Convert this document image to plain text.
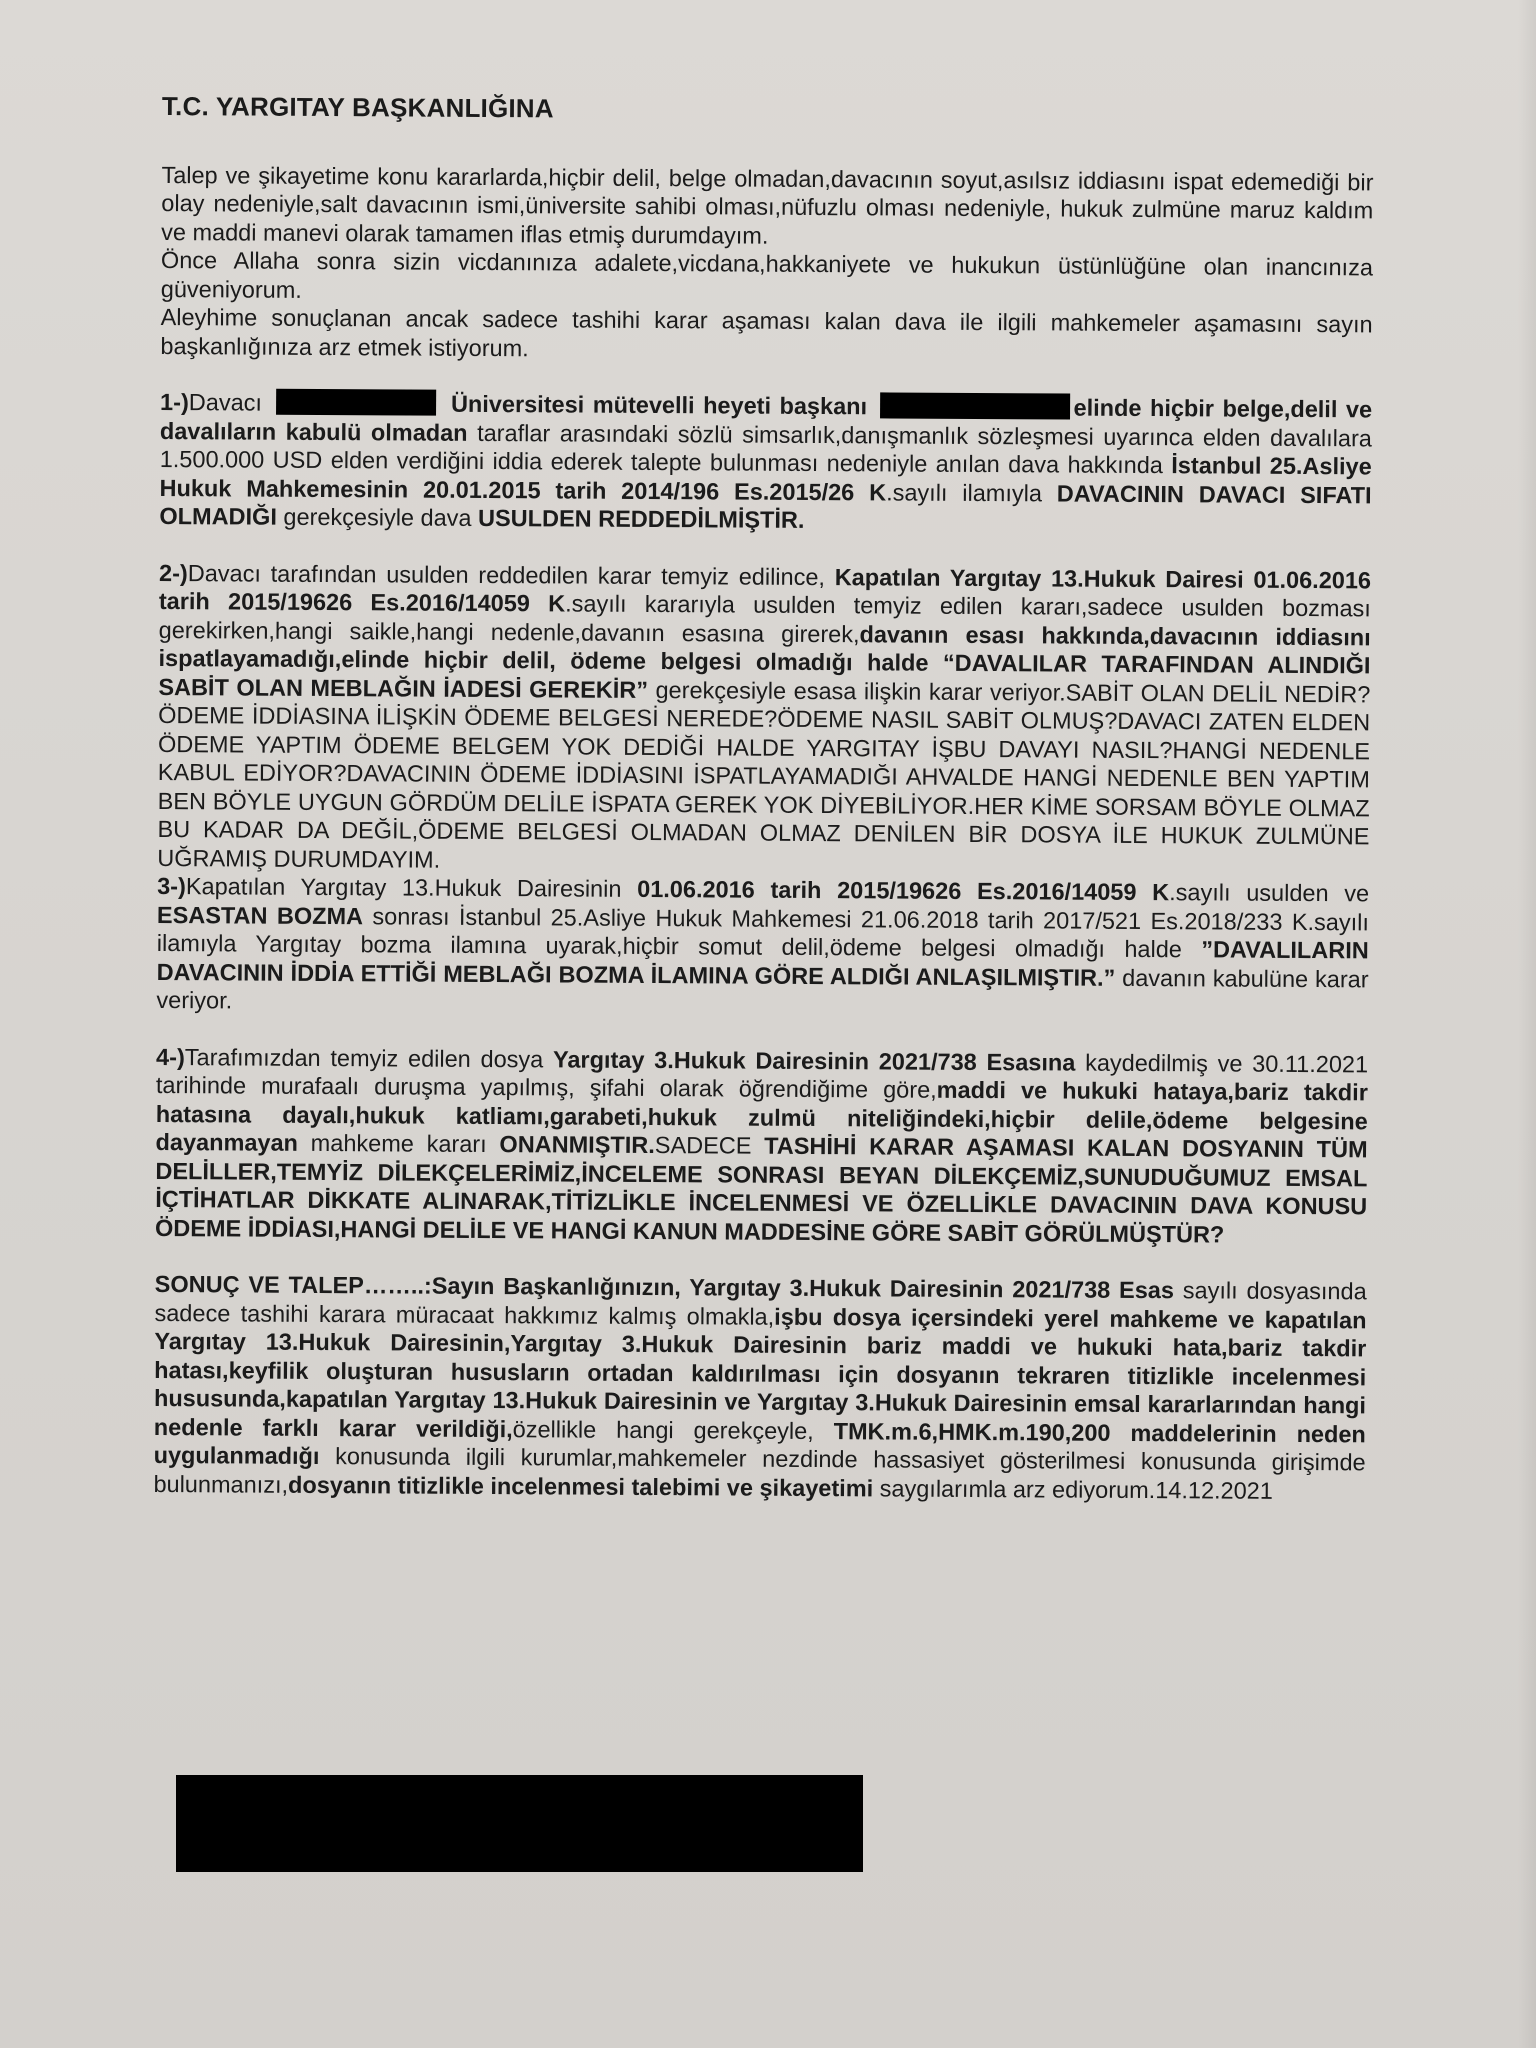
T.C. YARGITAY BAŞKANLIĞINA

Talep ve şikayetime konu kararlarda,hiçbir delil, belge olmadan,davacının soyut,asılsız iddiasını ispat edemediği bir olay nedeniyle,salt davacının ismi,üniversite sahibi olması,nüfuzlu olması nedeniyle, hukuk zulmüne maruz kaldım ve maddi manevi olarak tamamen iflas etmiş durumdayım.

Önce Allaha sonra sizin vicdanınıza adalete,vicdana,hakkaniyete ve hukukun üstünlüğüne olan inancınıza güveniyorum.

Aleyhime sonuçlanan ancak sadece tashihi karar aşaması kalan dava ile ilgili mahkemeler aşamasını sayın başkanlığınıza arz etmek istiyorum.

1-)Davacı	Üniversitesi mütevelli heyeti başkanı	elinde hiçbir belge,delil ve davalıların kabulü olmadan taraflar arasındaki sözlü simsarlık,danışmanlık sözleşmesi uyarınca elden davalılara 1.500.000 USD elden verdiğini iddia ederek talepte bulunması nedeniyle anılan dava hakkında İstanbul 25.Asliye Hukuk Mahkemesinin 20.01.2015 tarih 2014/196 Es.2015/26 K.sayılı ilamıyla DAVACININ DAVACI SIFATI OLMADIĞI gerekçesiyle dava USULDEN REDDEDİLMİŞTİR.

2-)Davacı tarafından usulden reddedilen karar temyiz edilince, Kapatılan Yargıtay 13.Hukuk Dairesi 01.06.2016 tarih 2015/19626 Es.2016/14059 K.sayılı kararıyla usulden temyiz edilen kararı,sadece usulden bozması gerekirken,hangi saikle,hangi nedenle,davanın esasına girerek,davanın esası hakkında,davacının iddiasını ispatlayamadığı,elinde hiçbir delil, ödeme belgesi olmadığı halde “DAVALILAR TARAFINDAN ALINDIĞI SABİT OLAN MEBLAĞIN İADESİ GEREKİR” gerekçesiyle esasa ilişkin karar veriyor.SABİT OLAN DELİL NEDİR?ÖDEME İDDİASINA İLİŞKİN ÖDEME BELGESİ NEREDE?ÖDEME NASIL SABİT OLMUŞ?DAVACI ZATEN ELDEN ÖDEME YAPTIM ÖDEME BELGEM YOK DEDİĞİ HALDE YARGITAY İŞBU DAVAYI NASIL?HANGİ NEDENLE KABUL EDİYOR?DAVACININ ÖDEME İDDİASINI İSPATLAYAMADIĞI AHVALDE HANGİ NEDENLE BEN YAPTIM BEN BÖYLE UYGUN GÖRDÜM DELİLE İSPATA GEREK YOK DİYEBİLİYOR.HER KİME SORSAM BÖYLE OLMAZ BU KADAR DA DEĞİL,ÖDEME BELGESİ OLMADAN OLMAZ DENİLEN BİR DOSYA İLE HUKUK ZULMÜNE UĞRAMIŞ DURUMDAYIM.

3-)Kapatılan Yargıtay 13.Hukuk Dairesinin 01.06.2016 tarih 2015/19626 Es.2016/14059 K.sayılı usulden ve ESASTAN BOZMA sonrası İstanbul 25.Asliye Hukuk Mahkemesi 21.06.2018 tarih 2017/521 Es.2018/233 K.sayılı ilamıyla Yargıtay bozma ilamına uyarak,hiçbir somut delil,ödeme belgesi olmadığı halde ”DAVALILARIN DAVACININ İDDİA ETTİĞİ MEBLAĞI BOZMA İLAMINA GÖRE ALDIĞI ANLAŞILMIŞTIR.” davanın kabulüne karar veriyor.

4-)Tarafımızdan temyiz edilen dosya Yargıtay 3.Hukuk Dairesinin 2021/738 Esasına kaydedilmiş ve 30.11.2021 tarihinde murafaalı duruşma yapılmış, şifahi olarak öğrendiğime göre,maddi ve hukuki hataya,bariz takdir hatasına dayalı,hukuk katliamı,garabeti,hukuk zulmü niteliğindeki,hiçbir delile,ödeme belgesine dayanmayan mahkeme kararı ONANMIŞTIR.SADECE TASHİHİ KARAR AŞAMASI KALAN DOSYANIN TÜM DELİLLER,TEMYİZ DİLEKÇELERİMİZ,İNCELEME SONRASI BEYAN DİLEKÇEMİZ,SUNUDUĞUMUZ EMSAL İÇTİHATLAR DİKKATE ALINARAK,TİTİZLİKLE İNCELENMESİ VE ÖZELLİKLE DAVACININ DAVA KONUSU ÖDEME İDDİASI,HANGİ DELİLE VE HANGİ KANUN MADDESİNE GÖRE SABİT GÖRÜLMÜŞTÜR?

SONUÇ VE TALEP……..:Sayın Başkanlığınızın, Yargıtay 3.Hukuk Dairesinin 2021/738 Esas sayılı dosyasında sadece tashihi karara müracaat hakkımız kalmış olmakla,işbu dosya içersindeki yerel mahkeme ve kapatılan Yargıtay 13.Hukuk Dairesinin,Yargıtay 3.Hukuk Dairesinin bariz maddi ve hukuki hata,bariz takdir hatası,keyfilik oluşturan hususların ortadan kaldırılması için dosyanın tekraren titizlikle incelenmesi hususunda,kapatılan Yargıtay 13.Hukuk Dairesinin ve Yargıtay 3.Hukuk Dairesinin emsal kararlarından hangi nedenle farklı karar verildiği,özellikle hangi gerekçeyle, TMK.m.6,HMK.m.190,200 maddelerinin neden uygulanmadığı konusunda ilgili kurumlar,mahkemeler nezdinde hassasiyet gösterilmesi konusunda girişimde bulunmanızı,dosyanın titizlikle incelenmesi talebimi ve şikayetimi saygılarımla arz ediyorum.14.12.2021
